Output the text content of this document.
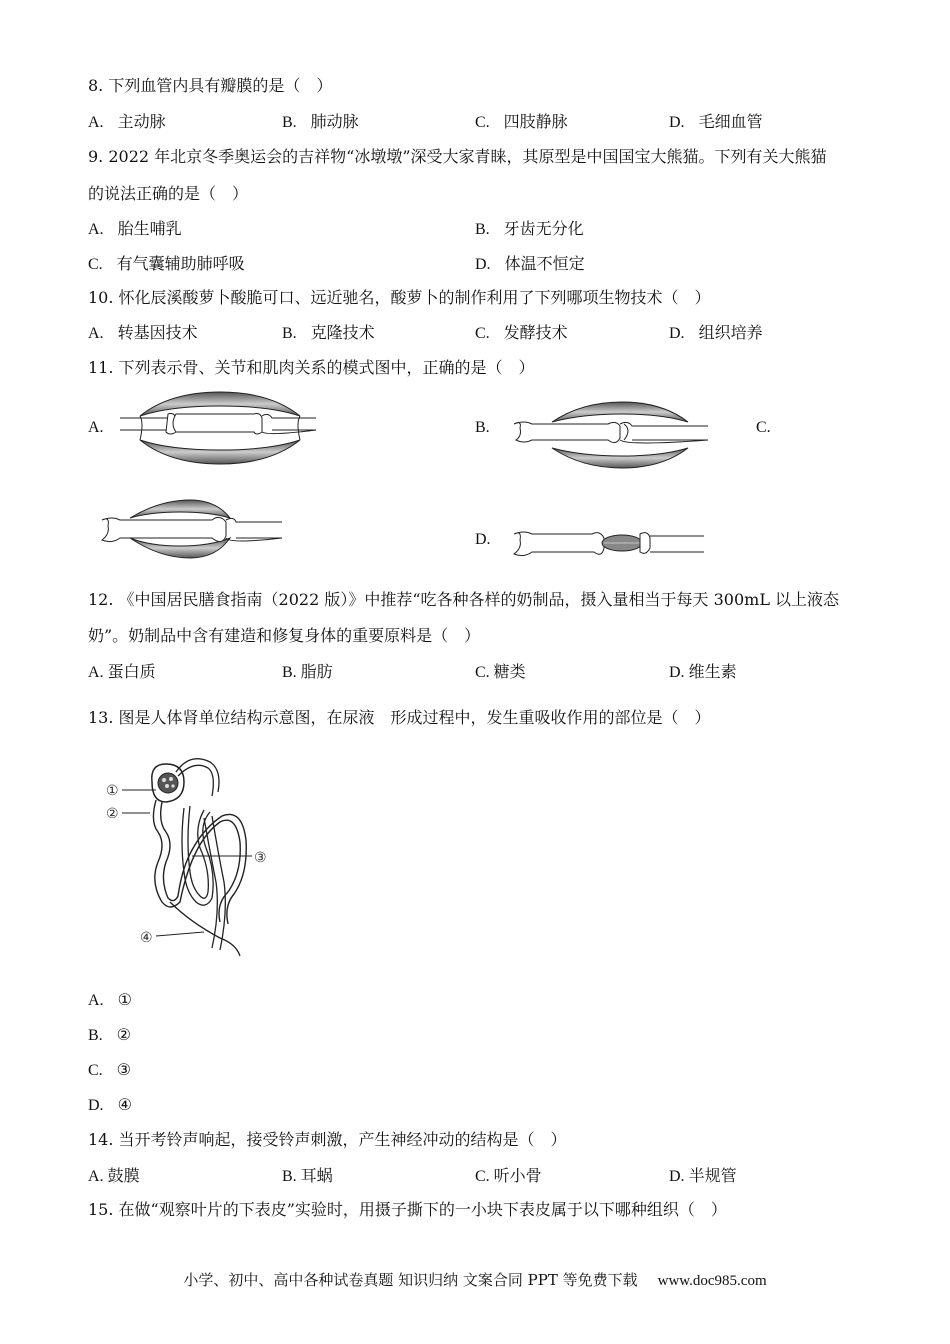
8. 下列血管内具有瓣膜的是（　）
A. 主动脉	B. 肺动脉	C. 四肢静脉	D. 毛细血管
9. 2022 年北京冬季奥运会的吉祥物“冰墩墩”深受大家青睐，其原型是中国国宝大熊猫。下列有关大熊猫
的说法正确的是（　）
A. 胎生哺乳	B. 牙齿无分化
C. 有气囊辅助肺呼吸	D. 体温不恒定
10. 怀化辰溪酸萝卜酸脆可口、远近驰名，酸萝卜的制作利用了下列哪项生物技术（　）
A. 转基因技术	B. 克隆技术	C. 发酵技术	D. 组织培养
11. 下列表示骨、关节和肌肉关系的模式图中，正确的是（　）
A.	B.	C.
D.
12. 《中国居民膳食指南（2022 版）》中推荐“吃各种各样的奶制品，摄入量相当于每天 300mL 以上液态
奶”。奶制品中含有建造和修复身体的重要原料是（　）
A. 蛋白质	B. 脂肪	C. 糖类	D. 维生素
13. 图是人体肾单位结构示意图，在尿液　形成过程中，发生重吸收作用的部位是（　）
①
②
③
④
A. ①
B. ②
C. ③
D. ④
14. 当开考铃声响起，接受铃声刺激，产生神经冲动的结构是（　）
A. 鼓膜	B. 耳蜗	C. 听小骨	D. 半规管
15. 在做“观察叶片的下表皮”实验时，用摄子撕下的一小块下表皮属于以下哪种组织（　）
小学、初中、高中各种试卷真题 知识归纳 文案合同 PPT 等免费下载 www.doc985.com
